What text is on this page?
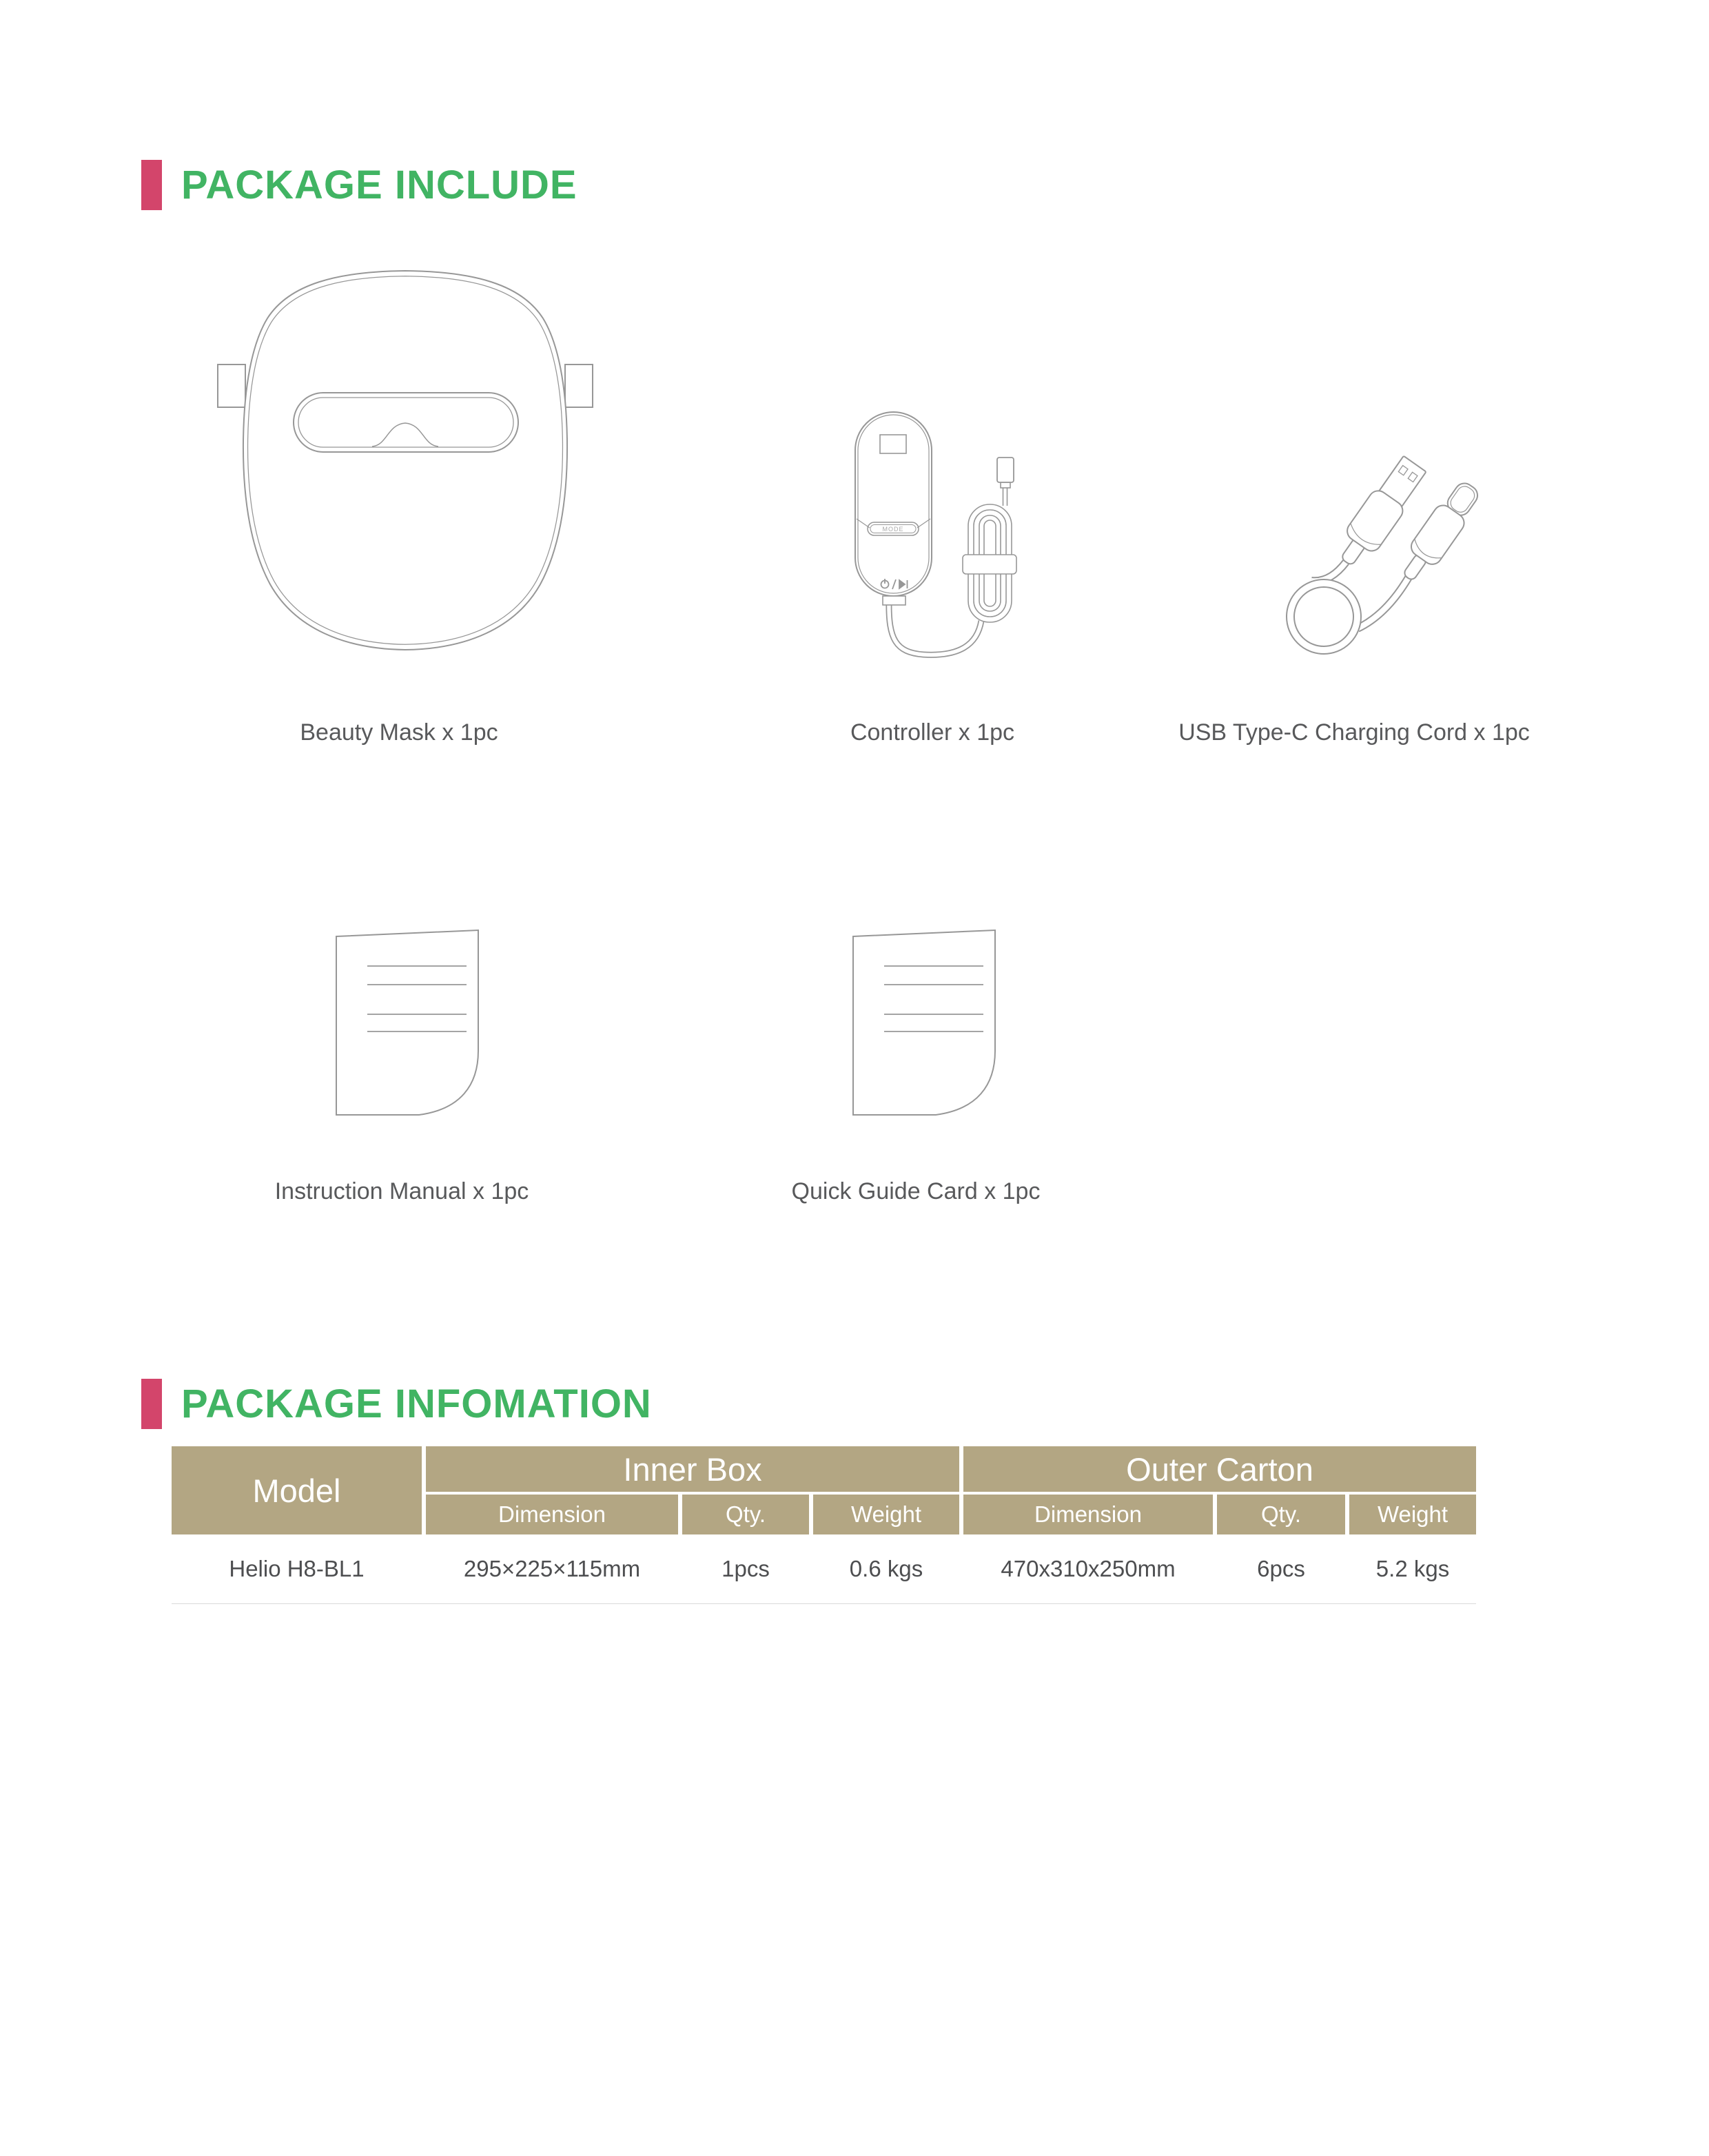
PACKAGE INCLUDE
MODE
Beauty Mask x 1pc	Controller x 1pc	USB Type-C Charging Cord x 1pc
Instruction Manual x 1pc	Quick Guide Card x 1pc
PACKAGE INFOMATION
Model
Inner Box	Outer Carton
Dimension	Qty.	Weight	Dimension	Qty.	Weight
Helio H8-BL1	295×225×115mm	1pcs	0.6 kgs	470x310x250mm	6pcs	5.2 kgs
